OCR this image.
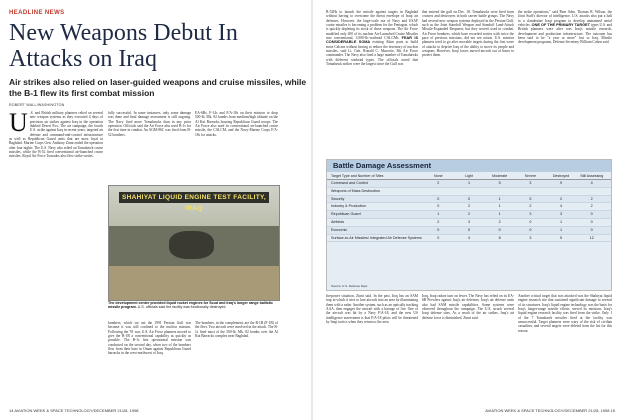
HEADLINE NEWS
New Weapons Debut In Attacks on Iraq
Air strikes also relied on laser-guided weapons and cruise missiles, while the B-1 flew its first combat mission
ROBERT WALL/WASHINGTON
U .S. and British military planners relied on several new weapon systems as they executed 4 days of precision air strikes against Iraq in the operation dubbed Desert Fox. The air campaign, the fourth U.S. strike against Iraq in recent years, targeted air defense and command-and-control infrastructure as well as Republican Guard units that are most loyal to Baghdad. Marine Corps Gen. Anthony Zinni ended the operation after four nights. The U.S. Navy also relied on Tomahawk cruise missiles, while the B-52 fired conventional air-launched cruise missiles. Royal Air Force Tornados also flew strike sorties.
fully successful. In some instances, only some damage was done and final damage assessment is still ongoing. The Navy fired more Tomahawks than in any prior operation. Officials said the Air Force also used B-1s for the first time in combat. An AGM-86C was fired from B-52 bombers.
EA-6Bs, F-14s and F/A-18s on their mission to drop 500-lb. Mk. 82 bombs from medium/high altitude on the Al Kut Barracks housing Republican Guard troops. The Air Force also used its conventional air-launched cruise missile, the CALCM, and the Navy-Marine Corps F/A-18s for attacks.
SHAHIYAT LIQUID ENGINE TEST FACILITY, IRAQ
The development center provided liquid rocket engines for Scud and Iraq's longer range ballistic missile program. U.S. officials said the facility was functionally destroyed.
bombers, which sat out the 1991 Persian Gulf war because it was still confined to the nuclear mission. Following the '91 war, U.S. Air Force planners moved to give the B-1B a conventional capability as quickly as possible. The B-1s first operational mission was conducted on the second day, when two of the bombers flew from their base in Oman against Republican Guard barracks in the west-northwest of Iraq.
The bombers, in the complement, are the B-1B (F-1B) of the fleet. Two aircraft were involved in the attack. The B-1s fired most of the 500-lb. Mk. 82 bombs over the Al Kut Barracks complex near Baghdad.
B-52Hs to launch the missile against targets in Baghdad without having to overcome the threat envelope of Iraqi air defenses. However, the large-scale use of Navy and USAF cruise missiles is becoming a problem for the Pentagon, which is quickly depleting its stock of those weapons. The Air Force modified only 200 of its nuclear Air-Launched Cruise Missiles into conventional, 3,000-lb.-warhead CALCMs. FEAR IS CONSIDERABLE SOMA existing Akim parts to build more Calcms without having to reduce the inventory of nuclear missiles, said Lt. Gen. Ronald C. Marcotte, 8th Air Force commander. The Navy also fired a large number of Tomahawks with different warhead types. The officials noted that Tomahawk strikes were the largest since the Gulf war.
that entered the gulf on Dec. 18. Tomahawks were fired from cruisers and destroyers in both carrier battle groups. The Navy had several new weapon systems deployed in the Persian Gulf, such as the Joint Standoff Weapon and Standoff Land-Attack Missile-Expanded Response, but they weren't used in combat. Air Force bombers, which have recorded sorties with twice the pace of previous missions, did not see action. U.S. mission planners tried to go after movable targets during the first wave of attacks to deprive Iraq of the ability to move its people and weapons. However, Iraqi forces moved aircraft out of bases to protect them.
the strike operations," said Rear Adm. Thomas R. Wilson, the Joint Staff's director of intelligence. U.S. attacks also put a halt to a clandestine Iraqi program to develop unmanned aerial vehicles. ONE OF THE PRIMARY TARGET types U.S. and British planners were after was Iraq's missile research, development and production infrastructure. The outcome has been said to be "a year or more" lost to Iraq. Missile development programs, Defense Secretary William Cohen said.
Battle Damage Assessment
Target Type and Number of Sites	None	Light	Moderate	Severe	Destroyed	Still Assessing
Command and Control	2	1	5	3	9	4
Weapons of Mass Destruction
Security	0	0	1	5	2	2
Industry & Production	0	2	1	2	4	2
Republican Guard	1	2	1	3	3	0
Airfields	2	3	2	0	1	0
Economic	0	0	0	0	1	0
Surface-to-Air Missiles/ Integrated Air Defense Systems	0	4	8	3	5	12
Source: U.S. Defense Dept.
firepower situation, Zinni said. In the past, Iraq has an SAM trap in which it tries to lure aircraft into an area by illuminating them with a radar. Another system, such as an optically tracking AAA, then engages the aircraft with a barrage of fire. One of the aircraft was hit by a Navy F/A-18, and the new US intelligence assessment is that F/A-18 pilots will be threatened by Iraqi tactics when they return to the area.
Iraq, Iraqi radars turn on fewer. The Navy has relied on its EA-6B Prowlers against Iraq's air defenses. Iraq's air defense units also had SAM missile capabilities. Some systems were observed throughout the campaign. The U.S. struck several Iraqi defense sites. As a result of the air strikes, Iraq's air defense force is diminished, Zinni said.
Another critical target that was attacked was the Shahiyat liquid engine research site that sustained significant damage to several of its structures. Iraq's liquid engine technology was the basis for Iraq's longer-range missile efforts. served its missions. Iraq's liquid engine research facility was fired from the strike. Only 1 of the 7 Tomahawk missiles fired at the facility was unsuccessful. Target planners were wary of the risk of civilian casualties, and several targets were deleted from the list for this reason.
14 AVIATION WEEK & SPACE TECHNOLOGY/DECEMBER 21/28, 1998	AVIATION WEEK & SPACE TECHNOLOGY/DECEMBER 21/28, 1998 15
